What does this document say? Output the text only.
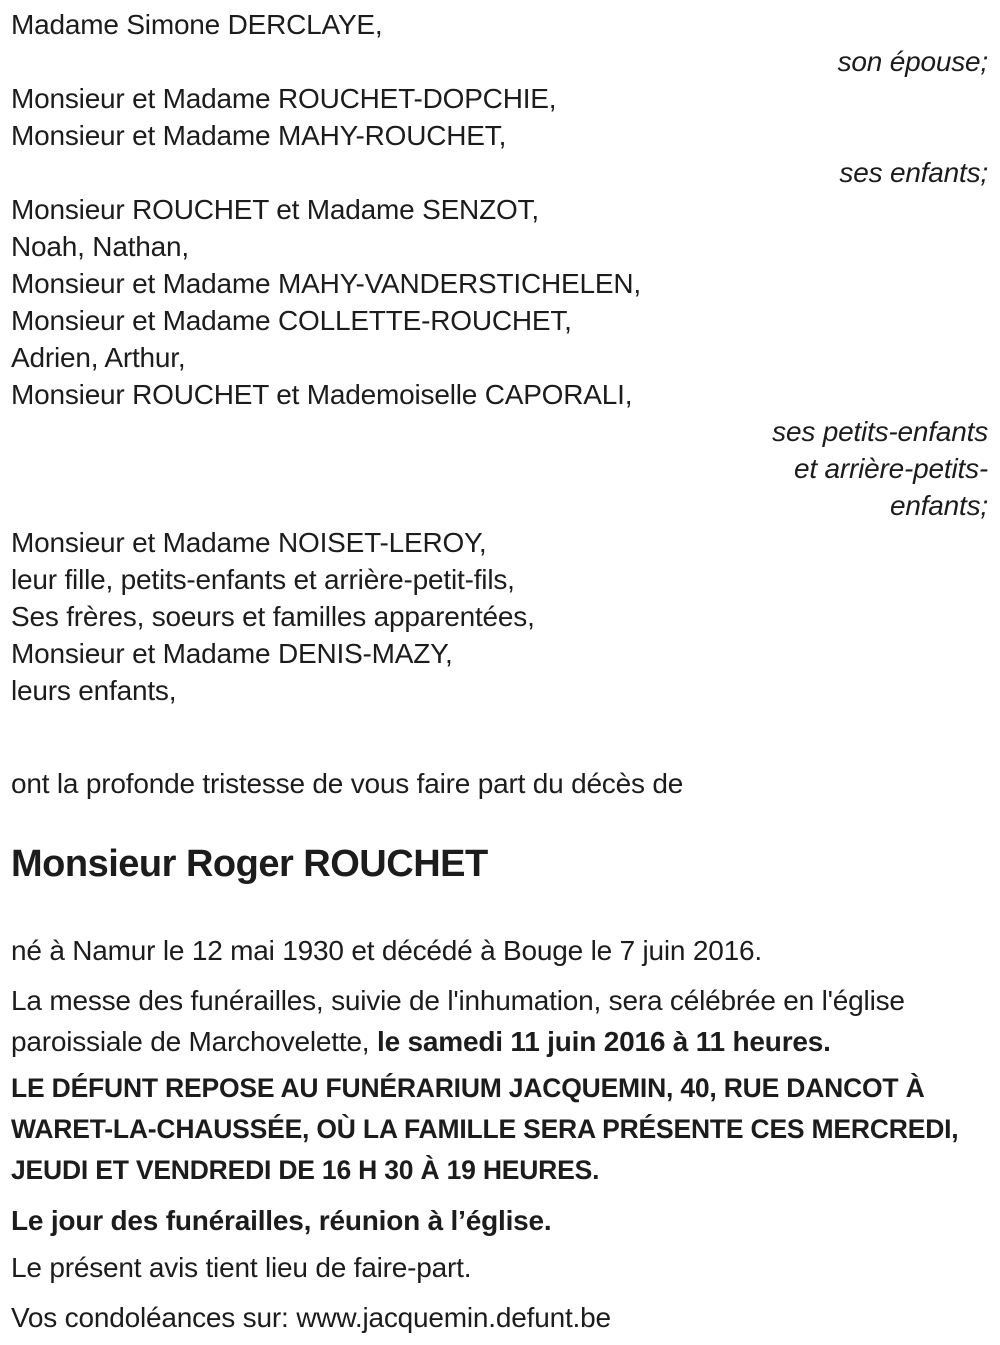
Madame Simone DERCLAYE,
son épouse;
Monsieur et Madame ROUCHET-DOPCHIE,
Monsieur et Madame MAHY-ROUCHET,
ses enfants;
Monsieur ROUCHET et Madame SENZOT,
Noah, Nathan,
Monsieur et Madame MAHY-VANDERSTICHELEN,
Monsieur et Madame COLLETTE-ROUCHET,
Adrien, Arthur,
Monsieur ROUCHET et Mademoiselle CAPORALI,
ses petits-enfants
et arrière-petits-
enfants;
Monsieur et Madame NOISET-LEROY,
leur fille, petits-enfants et arrière-petit-fils,
Ses frères, soeurs et familles apparentées,
Monsieur et Madame DENIS-MAZY,
leurs enfants,

ont la profonde tristesse de vous faire part du décès de

Monsieur Roger ROUCHET

né à Namur le 12 mai 1930 et décédé à Bouge le 7 juin 2016.

La messe des funérailles, suivie de l'inhumation, sera célébrée en l'église paroissiale de Marchovelette, le samedi 11 juin 2016 à 11 heures.

LE DÉFUNT REPOSE AU FUNÉRARIUM JACQUEMIN, 40, RUE DANCOT À WARET-LA-CHAUSSÉE, OÙ LA FAMILLE SERA PRÉSENTE CES MERCREDI, JEUDI ET VENDREDI DE 16 H 30 À 19 HEURES.

Le jour des funérailles, réunion à l’église.

Le présent avis tient lieu de faire-part.

Vos condoléances sur: www.jacquemin.defunt.be
